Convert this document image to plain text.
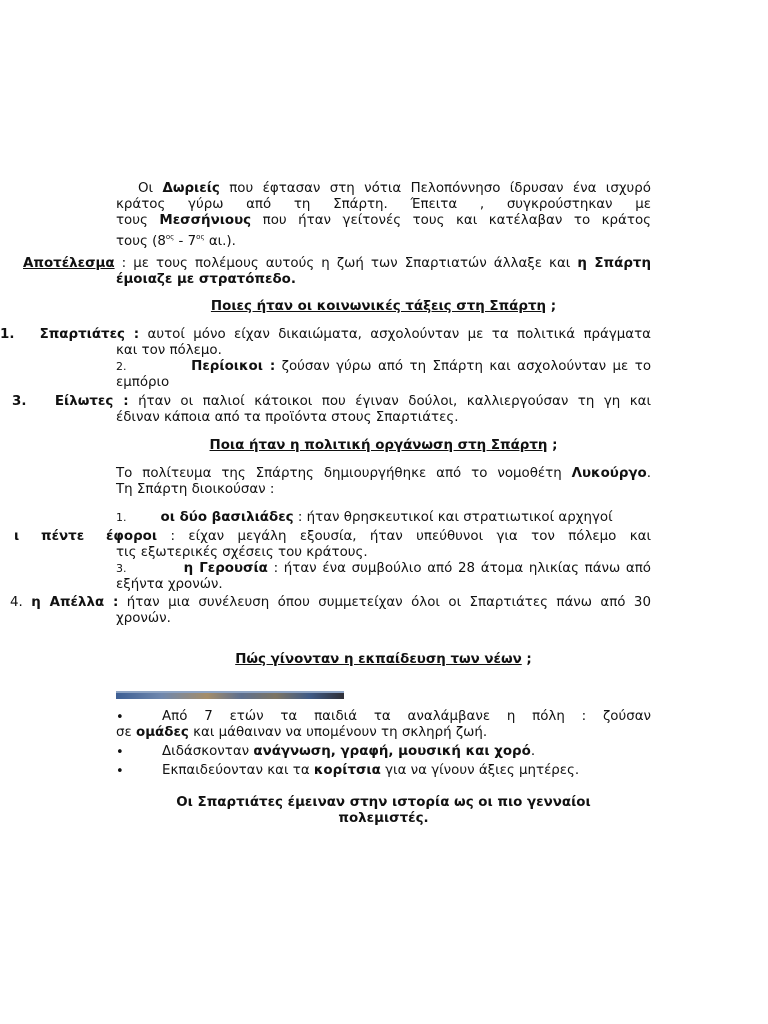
Οι Δωριείς που έφτασαν στη νότια Πελοπόννησο ίδρυσαν ένα ισχυρό
κράτος γύρω από τη Σπάρτη. Έπειτα , συγκρούστηκαν με
τους Μεσσήνιους που ήταν γείτονές τους και κατέλαβαν το κράτος
τους ($8^{o\varsigma} - 7^{o\varsigma}$ αι.).
Αποτέλεσμα : με τους πολέμους αυτούς η ζωή των Σπαρτιατών άλλαξε και η Σπάρτη
έμοιαζε με στρατόπεδο.
Ποιες ήταν οι κοινωνικές τάξεις στη Σπάρτη ;
1. Σπαρτιάτες : αυτοί μόνο είχαν δικαιώματα, ασχολούνταν με τα πολιτικά πράγματα
και τον πόλεμο.
2.	Περίοικοι : ζούσαν γύρω από τη Σπάρτη και ασχολούνταν με το
εμπόριο
3. Είλωτες : ήταν οι παλιοί κάτοικοι που έγιναν δούλοι, καλλιεργούσαν τη γη και
έδιναν κάποια από τα προϊόντα στους Σπαρτιάτες.
Ποια ήταν η πολιτική οργάνωση στη Σπάρτη ;
Το πολίτευμα της Σπάρτης δημιουργήθηκε από το νομοθέτη Λυκούργο.
Τη Σπάρτη διοικούσαν :
1.	οι δύο βασιλιάδες : ήταν θρησκευτικοί και στρατιωτικοί αρχηγοί
ι πέντε έφοροι : είχαν μεγάλη εξουσία, ήταν υπεύθυνοι για τον πόλεμο και
τις εξωτερικές σχέσεις του κράτους.
3.	η Γερουσία : ήταν ένα συμβούλιο από 28 άτομα ηλικίας πάνω από
εξήντα χρονών.
4. η Απέλλα : ήταν μια συνέλευση όπου συμμετείχαν όλοι οι Σπαρτιάτες πάνω από 30
χρονών.
Πώς γίνονταν η εκπαίδευση των νέων ;
•	Από 7 ετών τα παιδιά τα αναλάμβανε η πόλη : ζούσαν
σε ομάδες και μάθαιναν να υπομένουν τη σκληρή ζωή.
•	Διδάσκονταν ανάγνωση, γραφή, μουσική και χορό.
•	Εκπαιδεύονταν και τα κορίτσια για να γίνουν άξιες μητέρες.
Οι Σπαρτιάτες έμειναν στην ιστορία ως οι πιο γενναίοι
πολεμιστές.
